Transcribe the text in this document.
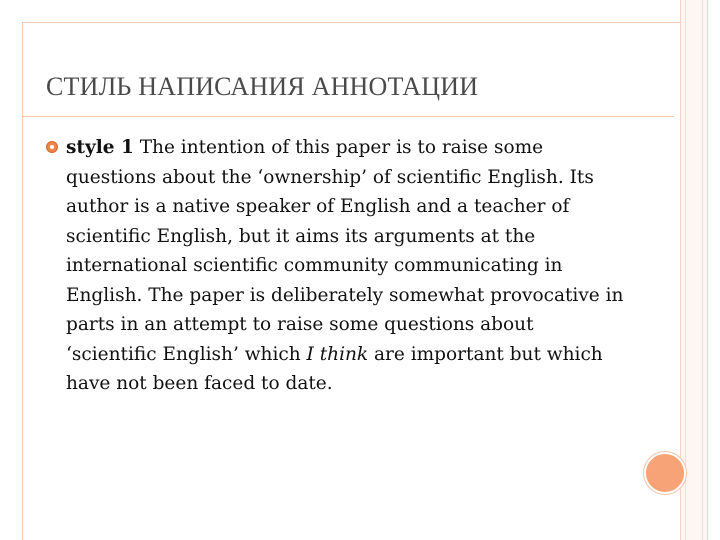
СТИЛЬ НАПИСАНИЯ АННОТАЦИИ

style 1 The intention of this paper is to raise some questions about the ‘ownership’ of scientific English. Its author is a native speaker of English and a teacher of scientific English, but it aims its arguments at the international scientific community communicating in English. The paper is deliberately somewhat provocative in parts in an attempt to raise some questions about ‘scientific English’ which I think are important but which have not been faced to date.
